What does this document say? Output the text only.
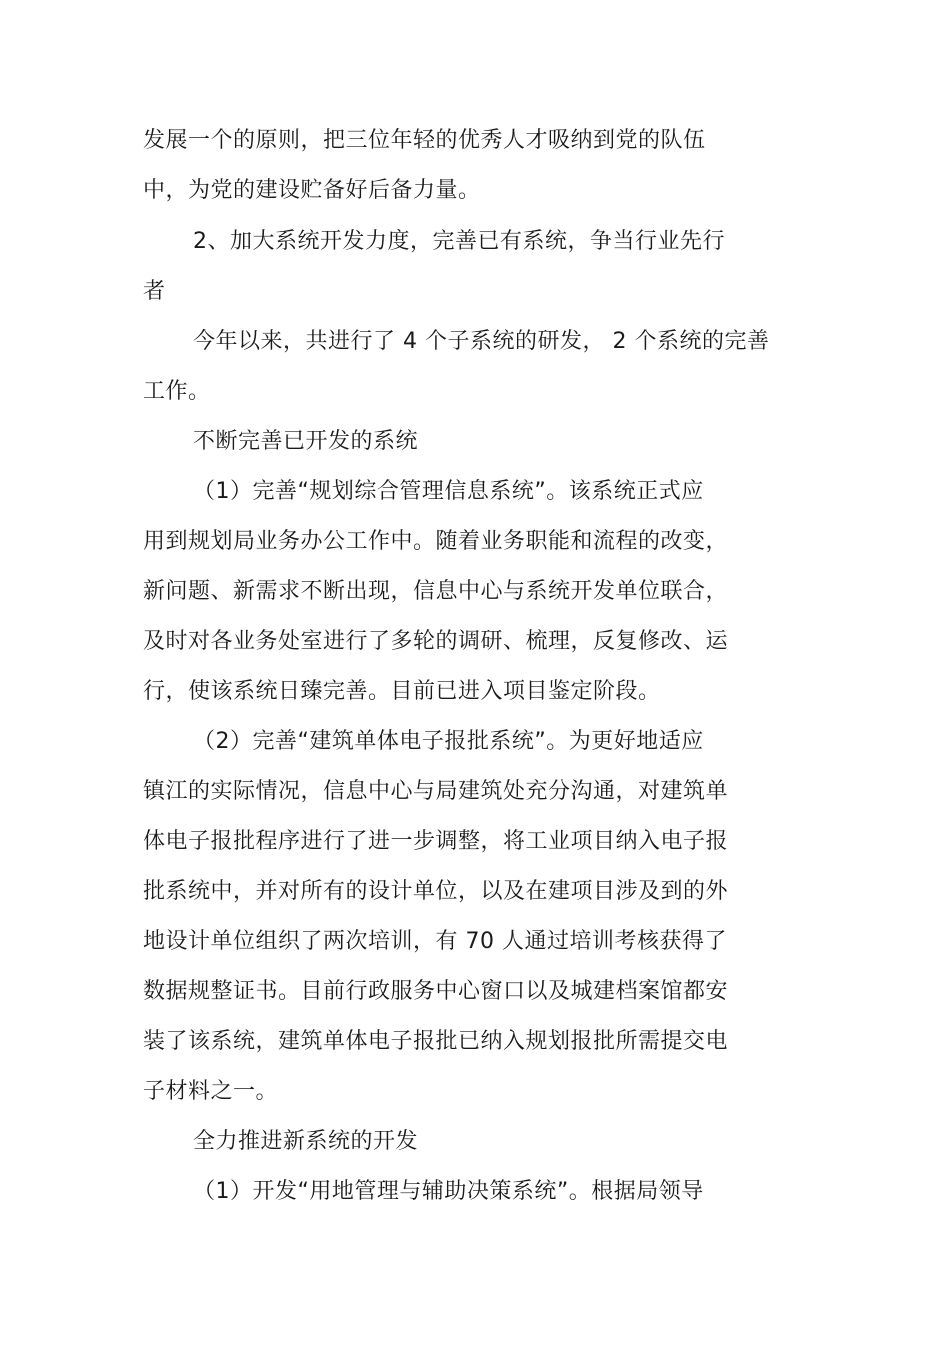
发展一个的原则，把三位年轻的优秀人才吸纳到党的队伍
中，为党的建设贮备好后备力量。
2、加大系统开发力度，完善已有系统，争当行业先行
者
今年以来，共进行了 4 个子系统的研发， 2 个系统的完善
工作。
不断完善已开发的系统
（1）完善“规划综合管理信息系统”。该系统正式应
用到规划局业务办公工作中。随着业务职能和流程的改变，
新问题、新需求不断出现，信息中心与系统开发单位联合，
及时对各业务处室进行了多轮的调研、梳理，反复修改、运
行，使该系统日臻完善。目前已进入项目鉴定阶段。
（2）完善“建筑单体电子报批系统”。为更好地适应
镇江的实际情况，信息中心与局建筑处充分沟通，对建筑单
体电子报批程序进行了进一步调整，将工业项目纳入电子报
批系统中，并对所有的设计单位，以及在建项目涉及到的外
地设计单位组织了两次培训，有 70 人通过培训考核获得了
数据规整证书。目前行政服务中心窗口以及城建档案馆都安
装了该系统，建筑单体电子报批已纳入规划报批所需提交电
子材料之一。
全力推进新系统的开发
（1）开发“用地管理与辅助决策系统”。根据局领导
